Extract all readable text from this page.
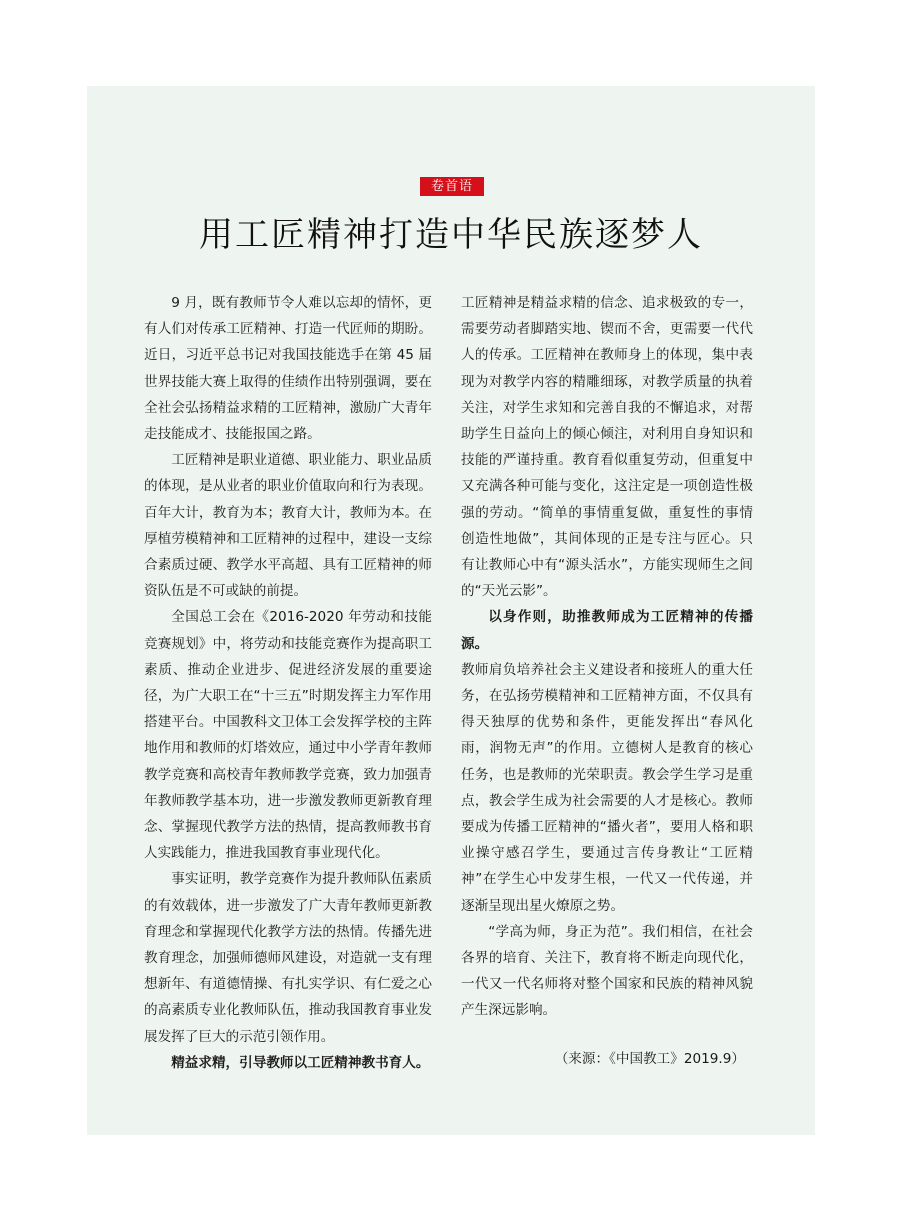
卷首语
用工匠精神打造中华民族逐梦人

9 月，既有教师节令人难以忘却的情怀，更有人们对传承工匠精神、打造一代匠师的期盼。近日，习近平总书记对我国技能选手在第 45 届世界技能大赛上取得的佳绩作出特别强调，要在全社会弘扬精益求精的工匠精神，激励广大青年走技能成才、技能报国之路。

工匠精神是职业道德、职业能力、职业品质的体现，是从业者的职业价值取向和行为表现。百年大计，教育为本；教育大计，教师为本。在厚植劳模精神和工匠精神的过程中，建设一支综合素质过硬、教学水平高超、具有工匠精神的师资队伍是不可或缺的前提。

全国总工会在《2016-2020 年劳动和技能竞赛规划》中，将劳动和技能竞赛作为提高职工素质、推动企业进步、促进经济发展的重要途径，为广大职工在“十三五”时期发挥主力军作用搭建平台。中国教科文卫体工会发挥学校的主阵地作用和教师的灯塔效应，通过中小学青年教师教学竞赛和高校青年教师教学竞赛，致力加强青年教师教学基本功，进一步激发教师更新教育理念、掌握现代教学方法的热情，提高教师教书育人实践能力，推进我国教育事业现代化。

事实证明，教学竞赛作为提升教师队伍素质的有效载体，进一步激发了广大青年教师更新教育理念和掌握现代化教学方法的热情。传播先进教育理念，加强师德师风建设，对造就一支有理想新年、有道德情操、有扎实学识、有仁爱之心的高素质专业化教师队伍，推动我国教育事业发展发挥了巨大的示范引领作用。

精益求精，引导教师以工匠精神教书育人。

工匠精神是精益求精的信念、追求极致的专一，需要劳动者脚踏实地、锲而不舍，更需要一代代人的传承。工匠精神在教师身上的体现，集中表现为对教学内容的精雕细琢，对教学质量的执着关注，对学生求知和完善自我的不懈追求，对帮助学生日益向上的倾心倾注，对利用自身知识和技能的严谨持重。教育看似重复劳动，但重复中又充满各种可能与变化，这注定是一项创造性极强的劳动。“简单的事情重复做，重复性的事情创造性地做”，其间体现的正是专注与匠心。只有让教师心中有“源头活水”，方能实现师生之间的“天光云影”。

以身作则，助推教师成为工匠精神的传播源。

教师肩负培养社会主义建设者和接班人的重大任务，在弘扬劳模精神和工匠精神方面，不仅具有得天独厚的优势和条件，更能发挥出“春风化雨，润物无声”的作用。立德树人是教育的核心任务，也是教师的光荣职责。教会学生学习是重点，教会学生成为社会需要的人才是核心。教师要成为传播工匠精神的“播火者”，要用人格和职业操守感召学生，要通过言传身教让“工匠精神”在学生心中发芽生根，一代又一代传递，并逐渐呈现出星火燎原之势。

“学高为师，身正为范”。我们相信，在社会各界的培育、关注下，教育将不断走向现代化，一代又一代名师将对整个国家和民族的精神风貌产生深远影响。

（来源：《中国教工》2019.9）
